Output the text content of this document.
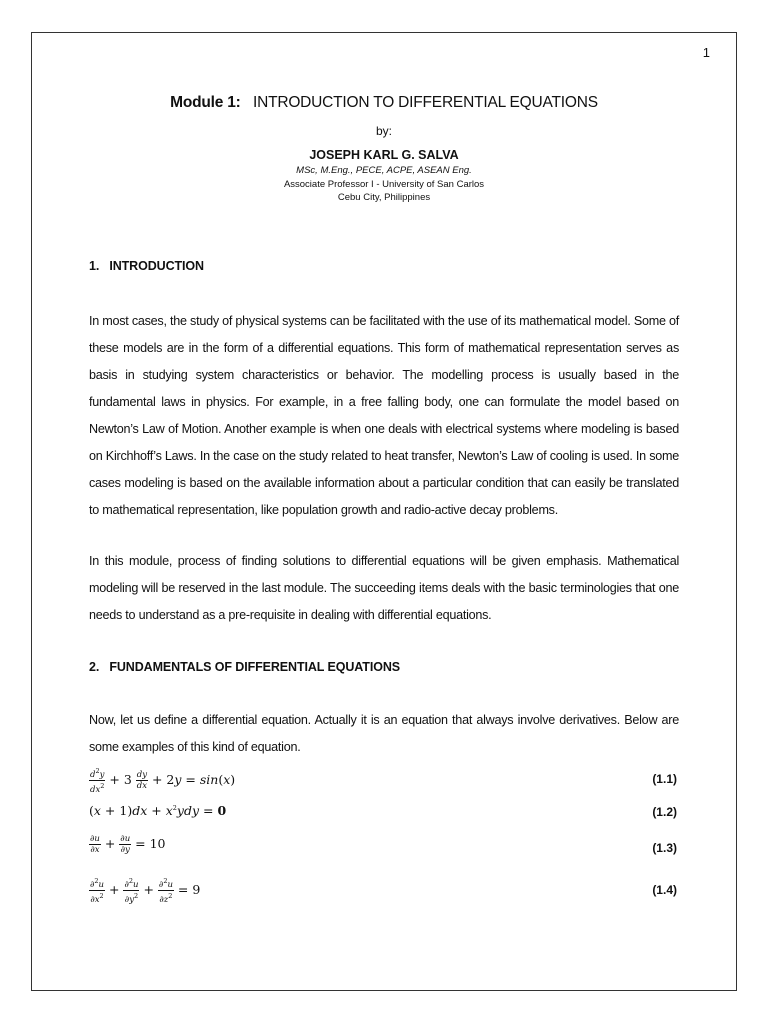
1
Module 1: INTRODUCTION TO DIFFERENTIAL EQUATIONS
by:
JOSEPH KARL G. SALVA
MSc, M.Eng., PECE, ACPE, ASEAN Eng.
Associate Professor I - University of San Carlos
Cebu City, Philippines
1.   INTRODUCTION

In most cases, the study of physical systems can be facilitated with the use of its mathematical model. Some of these models are in the form of a differential equations. This form of mathematical representation serves as basis in studying system characteristics or behavior. The modelling process is usually based in the fundamental laws in physics. For example, in a free falling body, one can formulate the model based on Newton’s Law of Motion. Another example is when one deals with electrical systems where modeling is based on Kirchhoff’s Laws. In the case on the study related to heat transfer, Newton’s Law of cooling is used. In some cases modeling is based on the available information about a particular condition that can easily be translated to mathematical representation, like population growth and radio-active decay problems.

In this module, process of finding solutions to differential equations will be given emphasis. Mathematical modeling will be reserved in the last module. The succeeding items deals with the basic terminologies that one needs to understand as a pre-requisite in dealing with differential equations.

2.   FUNDAMENTALS OF DIFFERENTIAL EQUATIONS

Now, let us define a differential equation. Actually it is an equation that always involve derivatives. Below are some examples of this kind of equation.

$\frac{d^2y}{dx^2} + 3 \frac{dy}{dx} + 2y = \sin(x)$	(1.1)
$(x + 1)dx + x^2ydy = 0$	(1.2)
$\frac{\partial u}{\partial x} + \frac{\partial u}{\partial y} = 10$	(1.3)
$\frac{\partial^2u}{\partial x^2} + \frac{\partial^2u}{\partial y^2} + \frac{\partial^2u}{\partial z^2} = 9$	(1.4)
